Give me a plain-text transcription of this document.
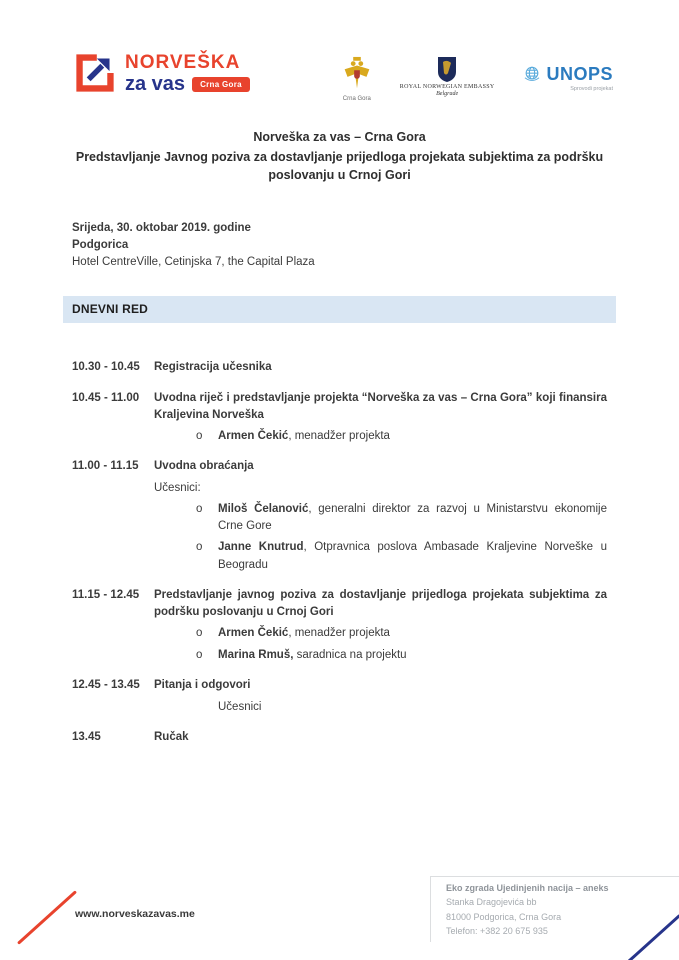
NORVEŠKA
za vas	Crna Gora
Crna Gora
ROYAL NORWEGIAN EMBASSY
Belgrade
UNOPS
Sprovodi projekat
Norveška za vas – Crna Gora
Predstavljanje Javnog poziva za dostavljanje prijedloga projekata subjektima za podršku poslovanju u Crnoj Gori
Srijeda, 30. oktobar 2019. godine
Podgorica
Hotel CentreVille, Cetinjska 7, the Capital Plaza
DNEVNI RED
10.30 - 10.45	Registracija učesnika
10.45 - 11.00	Uvodna riječ i predstavljanje projekta “Norveška za vas – Crna Gora” koji finansira Kraljevina Norveška
o
Armen Čekić, menadžer projekta
11.00 - 11.15	Uvodna obraćanja
Učesnici:
o
Miloš Čelanović, generalni direktor za razvoj u Ministarstvu ekonomije Crne Gore
o
Janne Knutrud, Otpravnica poslova Ambasade Kraljevine Norveške u Beogradu
11.15 - 12.45	Predstavljanje javnog poziva za dostavljanje prijedloga projekata subjektima za podršku poslovanju u Crnoj Gori
o
Armen Čekić, menadžer projekta
o
Marina Rmuš, saradnica na projektu
12.45 - 13.45	Pitanja i odgovori
Učesnici
13.45	Ručak
www.norveskazavas.me
Eko zgrada Ujedinjenih nacija – aneks
Stanka Dragojevića bb
81000 Podgorica, Crna Gora
Telefon: +382 20 675 935
